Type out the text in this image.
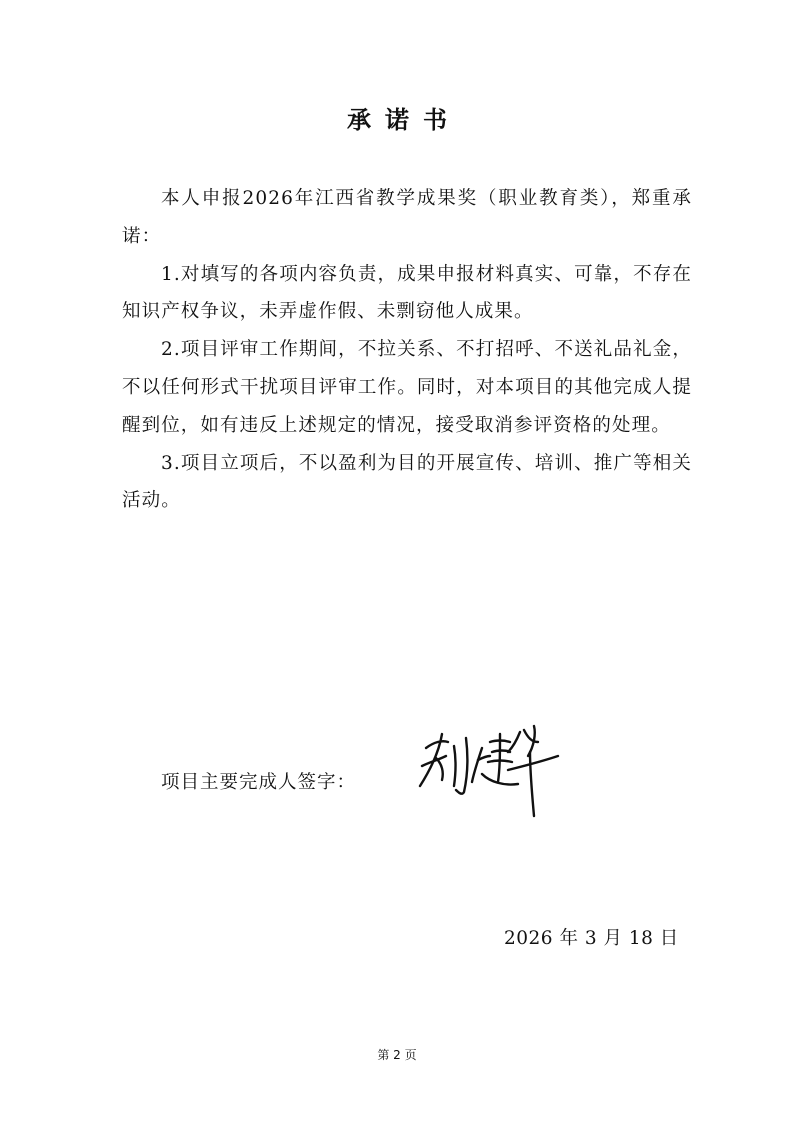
承诺书

本人申报2026年江西省教学成果奖（职业教育类），郑重承诺：

1.对填写的各项内容负责，成果申报材料真实、可靠，不存在知识产权争议，未弄虚作假、未剽窃他人成果。

2.项目评审工作期间，不拉关系、不打招呼、不送礼品礼金，不以任何形式干扰项目评审工作。同时，对本项目的其他完成人提醒到位，如有违反上述规定的情况，接受取消参评资格的处理。

3.项目立项后，不以盈利为目的开展宣传、培训、推广等相关活动。

项目主要完成人签字：
2026 年 3 月 18 日
第 2 页
